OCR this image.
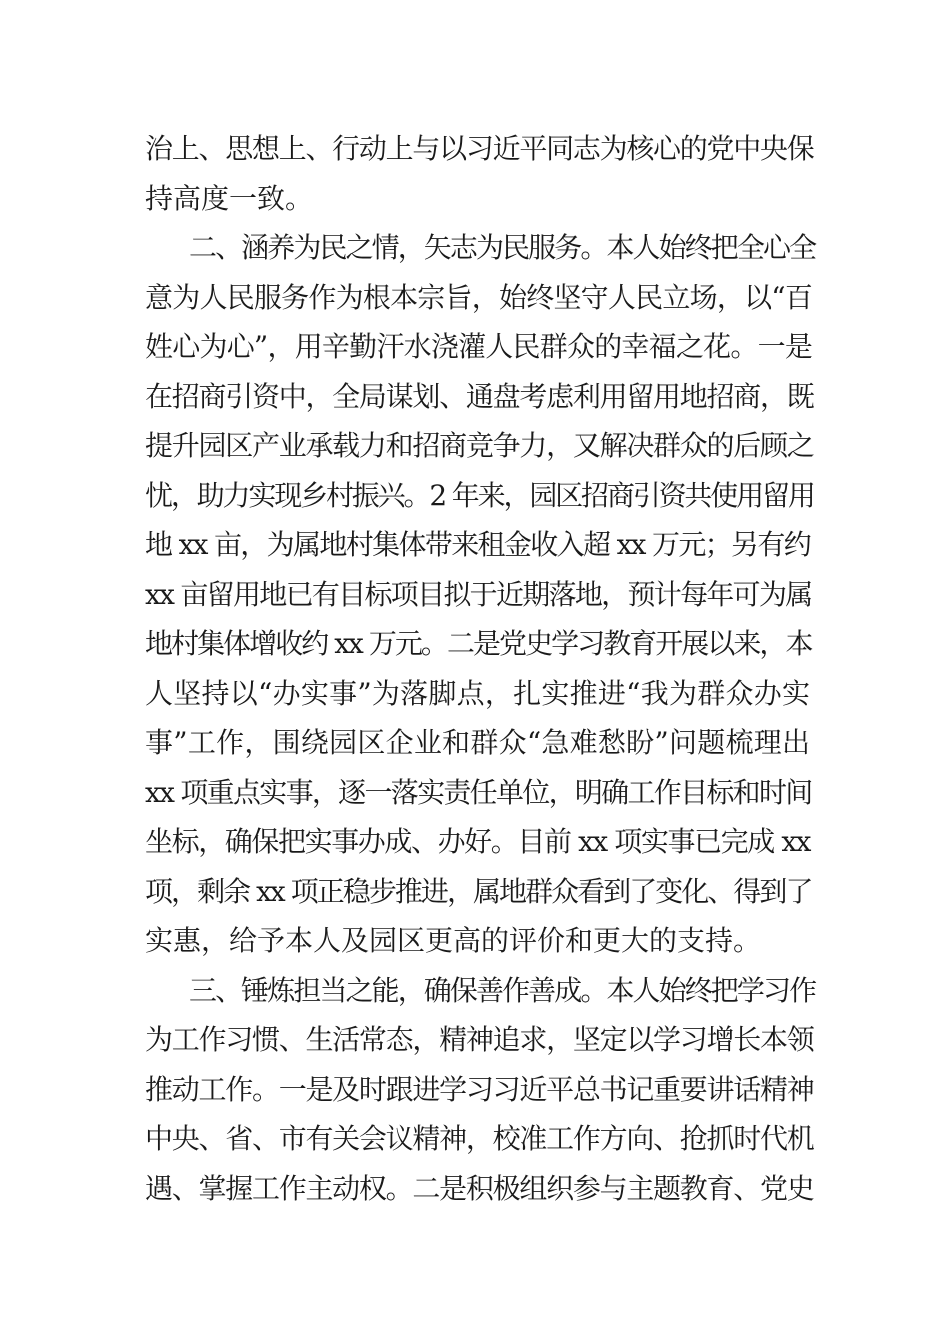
治上、思想上、行动上与以习近平同志为核心的党中央保
持高度一致。
二、涵养为民之情，矢志为民服务。本人始终把全心全
意为人民服务作为根本宗旨，始终坚守人民立场，以“百
姓心为心”，用辛勤汗水浇灌人民群众的幸福之花。一是
在招商引资中，全局谋划、通盘考虑利用留用地招商，既
提升园区产业承载力和招商竞争力，又解决群众的后顾之
忧，助力实现乡村振兴。2 年来，园区招商引资共使用留用
地 xx 亩，为属地村集体带来租金收入超 xx 万元；另有约
xx 亩留用地已有目标项目拟于近期落地，预计每年可为属
地村集体增收约 xx 万元。二是党史学习教育开展以来，本
人坚持以“办实事”为落脚点，扎实推进“我为群众办实
事”工作，围绕园区企业和群众“急难愁盼”问题梳理出
xx 项重点实事，逐一落实责任单位，明确工作目标和时间
坐标，确保把实事办成、办好。目前 xx 项实事已完成 xx
项，剩余 xx 项正稳步推进，属地群众看到了变化、得到了
实惠，给予本人及园区更高的评价和更大的支持。
三、锤炼担当之能，确保善作善成。本人始终把学习作
为工作习惯、生活常态，精神追求，坚定以学习增长本领
推动工作。一是及时跟进学习习近平总书记重要讲话精神
中央、省、市有关会议精神，校准工作方向、抢抓时代机
遇、掌握工作主动权。二是积极组织参与主题教育、党史
